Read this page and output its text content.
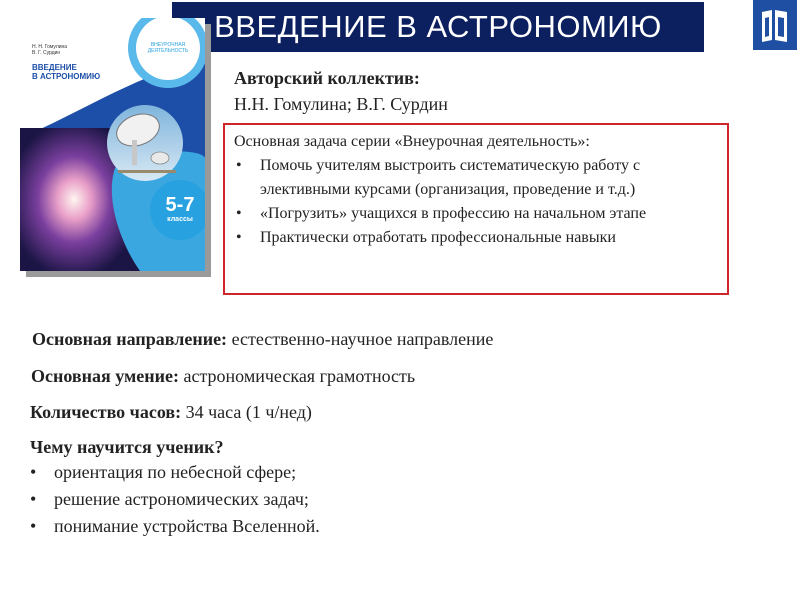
ВВЕДЕНИЕ В АСТРОНОМИЮ
Н. Н. Гомулина
В. Г. Сурдин
ВВЕДЕНИЕ
В АСТРОНОМИЮ
ВНЕУРОЧНАЯ
ДЕЯТЕЛЬНОСТЬ
5-7
классы
Авторский коллектив:
Н.Н. Гомулина; В.Г. Сурдин
Основная задача серии «Внеурочная деятельность»:
• Помочь учителям выстроить систематическую работу с элективными курсами (организация, проведение и т.д.)
• «Погрузить» учащихся в профессию на начальном этапе
• Практически отработать профессиональные навыки
Основная направление: естественно-научное направление
Основная умение: астрономическая грамотность
Количество часов: 34 часа (1 ч/нед)
Чему научится ученик?
• ориентация по небесной сфере;
• решение астрономических задач;
• понимание устройства Вселенной.
